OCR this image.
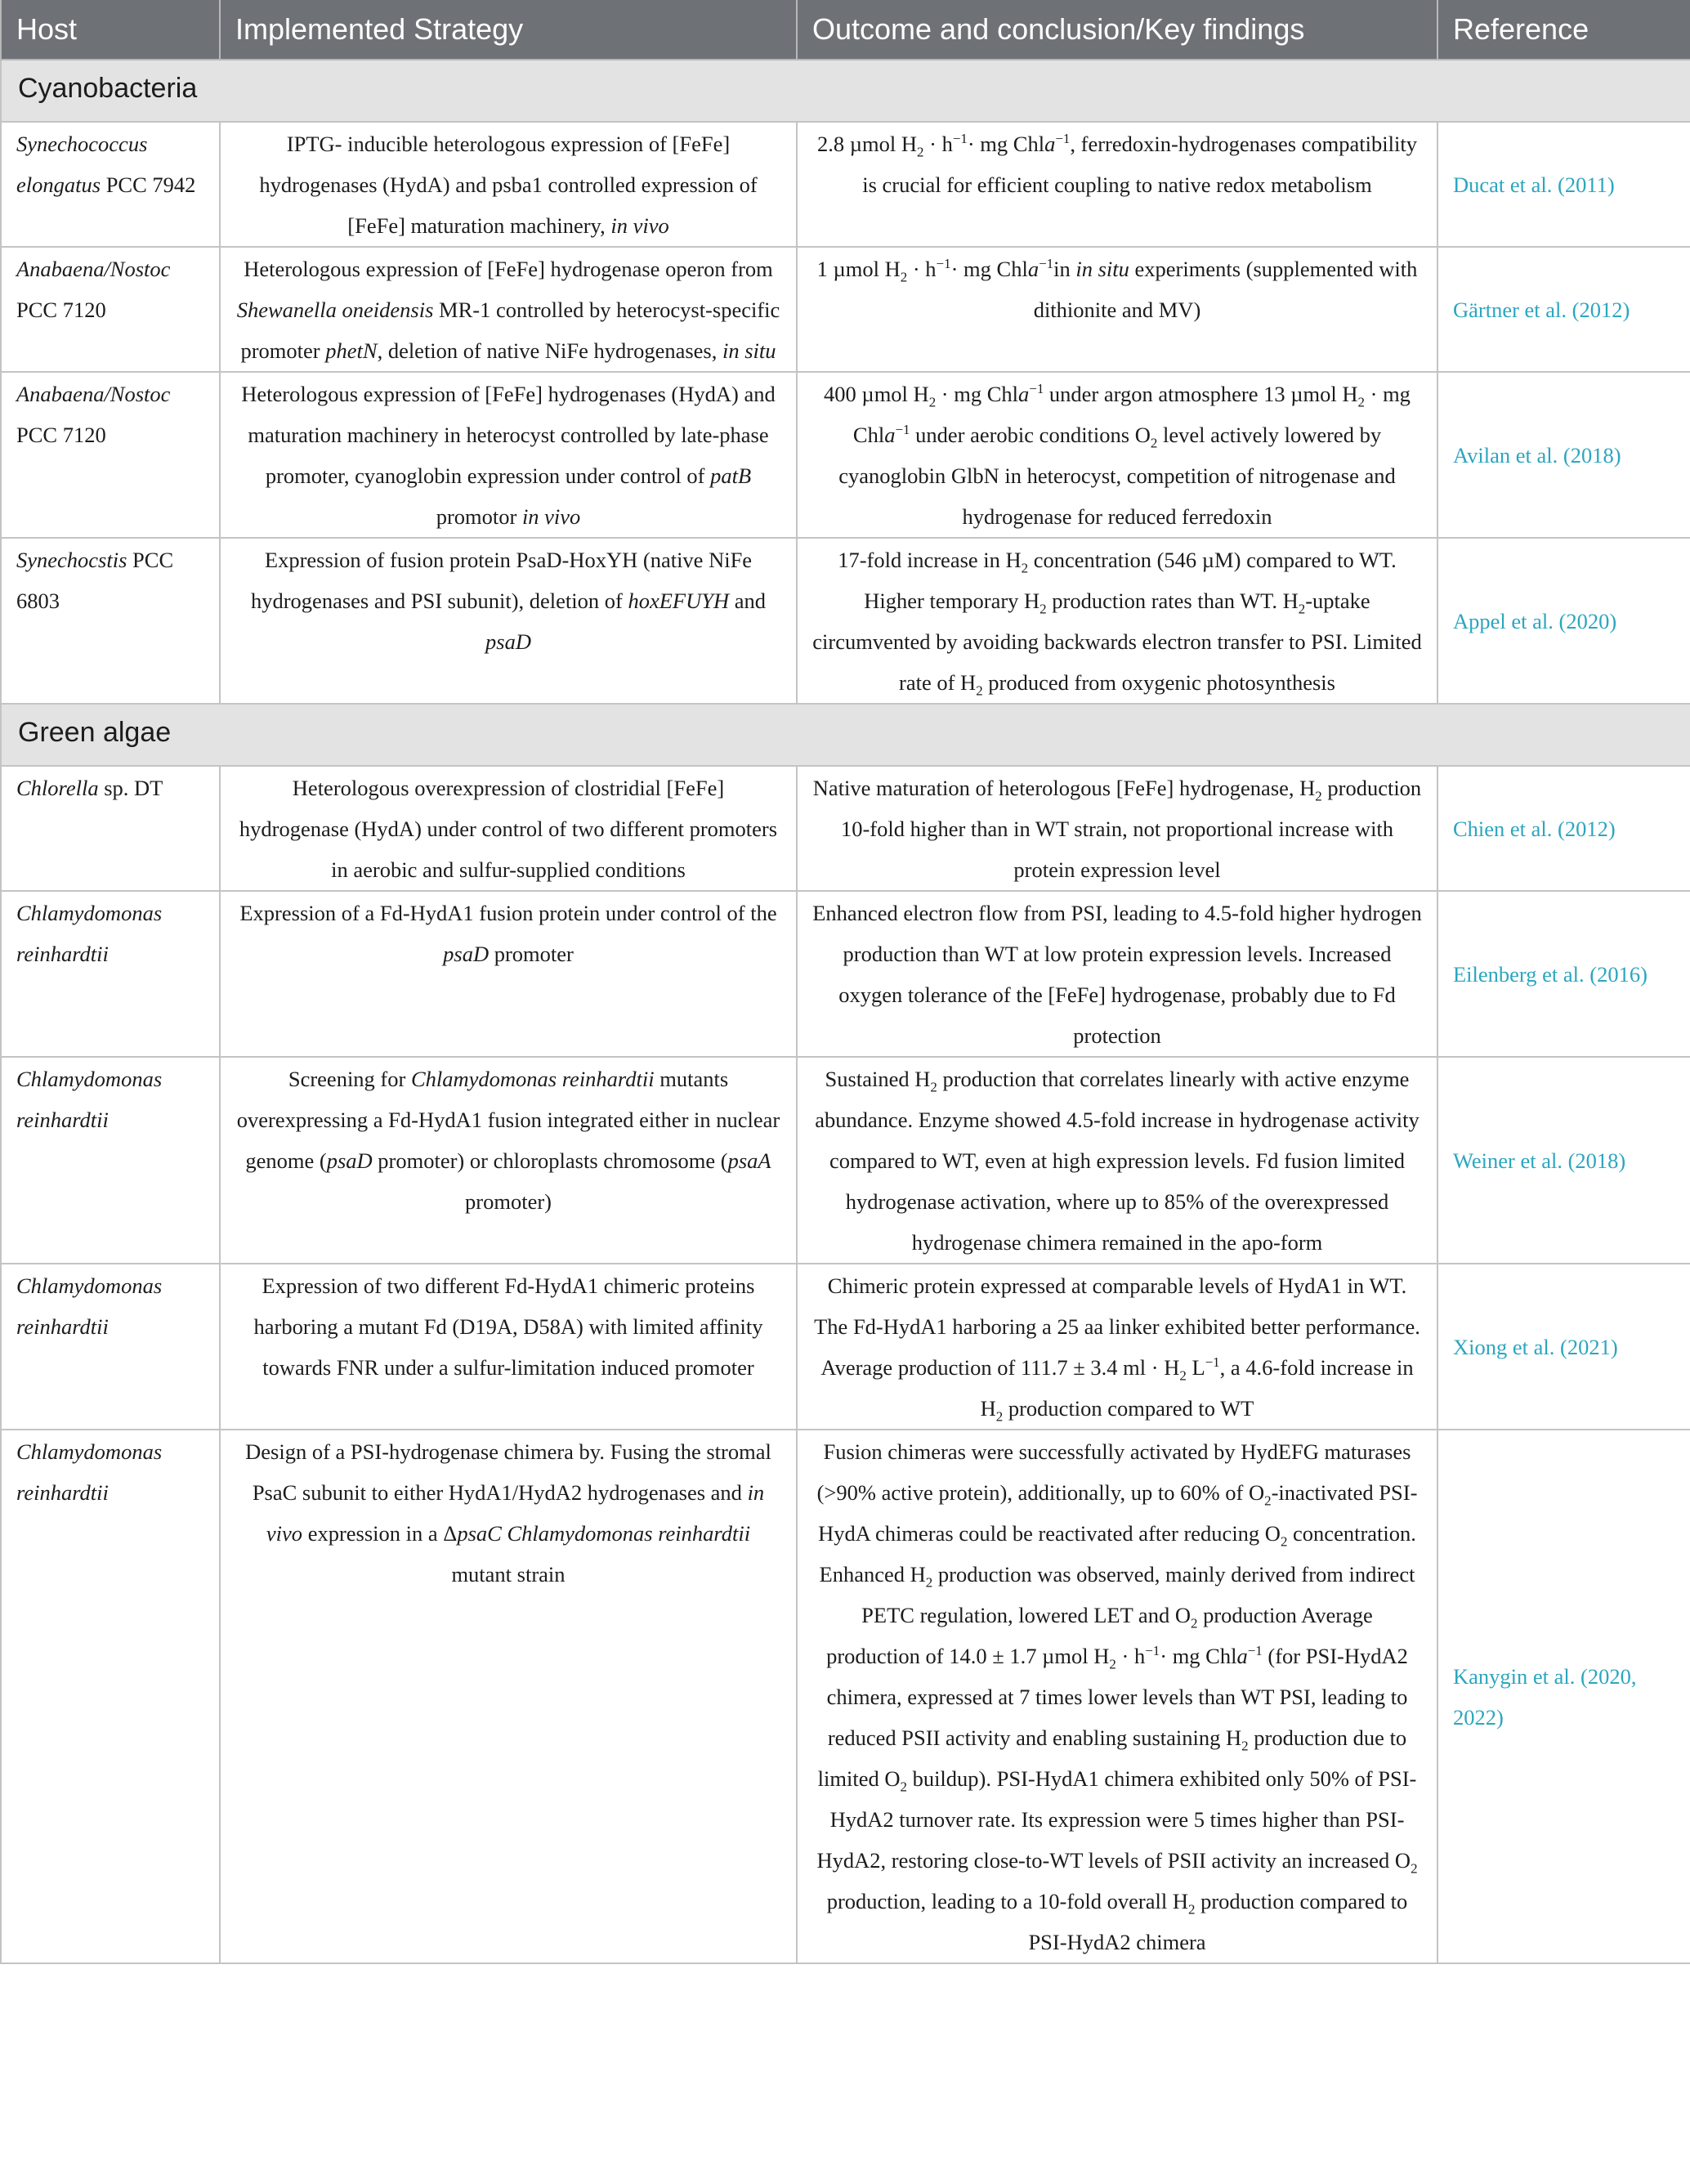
Host	Implemented Strategy	Outcome and conclusion/Key findings	Reference
Cyanobacteria			
Synechococcus elongatus PCC 7942	IPTG- inducible heterologous expression of [FeFe] hydrogenases (HydA) and psba1 controlled expression of [FeFe] maturation machinery, in vivo	2.8 µmol $H_2 \cdot h^{-1}\cdot$ mg Chla$^{-1}$, ferredoxin-hydrogenases compatibility is crucial for efficient coupling to native redox metabolism	Ducat et al. (2011)
Anabaena/Nostoc PCC 7120	Heterologous expression of [FeFe] hydrogenase operon from Shewanella oneidensis MR-1 controlled by heterocyst-specific promoter phetN, deletion of native NiFe hydrogenases, in situ	1 µmol $H_2 \cdot h^{-1}\cdot$ mg Chla$^{-1}$in in situ experiments (supplemented with dithionite and MV)	Gärtner et al. (2012)
Anabaena/Nostoc PCC 7120	Heterologous expression of [FeFe] hydrogenases (HydA) and maturation machinery in heterocyst controlled by late-phase promoter, cyanoglobin expression under control of patB promotor in vivo	400 µmol $H_2$ · mg Chla$^{-1}$ under argon atmosphere 13 µmol $H_2$ · mg Chla$^{-1}$ under aerobic conditions $O_2$ level actively lowered by cyanoglobin GlbN in heterocyst, competition of nitrogenase and hydrogenase for reduced ferredoxin	Avilan et al. (2018)
Synechocstis PCC 6803	Expression of fusion protein PsaD-HoxYH (native NiFe hydrogenases and PSI subunit), deletion of hoxEFUYH and psaD	17-fold increase in $H_2$ concentration (546 µM) compared to WT. Higher temporary $H_2$ production rates than WT. $H_2$-uptake circumvented by avoiding backwards electron transfer to PSI. Limited rate of $H_2$ produced from oxygenic photosynthesis	Appel et al. (2020)
Green algae			
Chlorella sp. DT	Heterologous overexpression of clostridial [FeFe] hydrogenase (HydA) under control of two different promoters in aerobic and sulfur-supplied conditions	Native maturation of heterologous [FeFe] hydrogenase, $H_2$ production 10-fold higher than in WT strain, not proportional increase with protein expression level	Chien et al. (2012)
Chlamydomonas reinhardtii	Expression of a Fd-HydA1 fusion protein under control of the psaD promoter	Enhanced electron flow from PSI, leading to 4.5-fold higher hydrogen production than WT at low protein expression levels. Increased oxygen tolerance of the [FeFe] hydrogenase, probably due to Fd protection	Eilenberg et al. (2016)
Chlamydomonas reinhardtii	Screening for Chlamydomonas reinhardtii mutants overexpressing a Fd-HydA1 fusion integrated either in nuclear genome (psaD promoter) or chloroplasts chromosome (psaA promoter)	Sustained $H_2$ production that correlates linearly with active enzyme abundance. Enzyme showed 4.5-fold increase in hydrogenase activity compared to WT, even at high expression levels. Fd fusion limited hydrogenase activation, where up to 85% of the overexpressed hydrogenase chimera remained in the apo-form	Weiner et al. (2018)
Chlamydomonas reinhardtii	Expression of two different Fd-HydA1 chimeric proteins harboring a mutant Fd (D19A, D58A) with limited affinity towards FNR under a sulfur-limitation induced promoter	Chimeric protein expressed at comparable levels of HydA1 in WT. The Fd-HydA1 harboring a 25 aa linker exhibited better performance. Average production of 111.7 ± 3.4 ml · $H_2$ $L^{-1}$, a 4.6-fold increase in $H_2$ production compared to WT	Xiong et al. (2021)
Chlamydomonas reinhardtii	Design of a PSI-hydrogenase chimera by. Fusing the stromal PsaC subunit to either HydA1/HydA2 hydrogenases and in vivo expression in a ΔpsaC Chlamydomonas reinhardtii mutant strain	Fusion chimeras were successfully activated by HydEFG maturases (>90% active protein), additionally, up to 60% of $O_2$-inactivated PSI-HydA chimeras could be reactivated after reducing $O_2$ concentration. Enhanced $H_2$ production was observed, mainly derived from indirect PETC regulation, lowered LET and $O_2$ production Average production of 14.0 ± 1.7 µmol $H_2 \cdot h^{-1}\cdot$ mg Chla$^{-1}$ (for PSI-HydA2 chimera, expressed at 7 times lower levels than WT PSI, leading to reduced PSII activity and enabling sustaining $H_2$ production due to limited $O_2$ buildup). PSI-HydA1 chimera exhibited only 50% of PSI-HydA2 turnover rate. Its expression were 5 times higher than PSI-HydA2, restoring close-to-WT levels of PSII activity an increased $O_2$ production, leading to a 10-fold overall $H_2$ production compared to PSI-HydA2 chimera	Kanygin et al. (2020, 2022)
